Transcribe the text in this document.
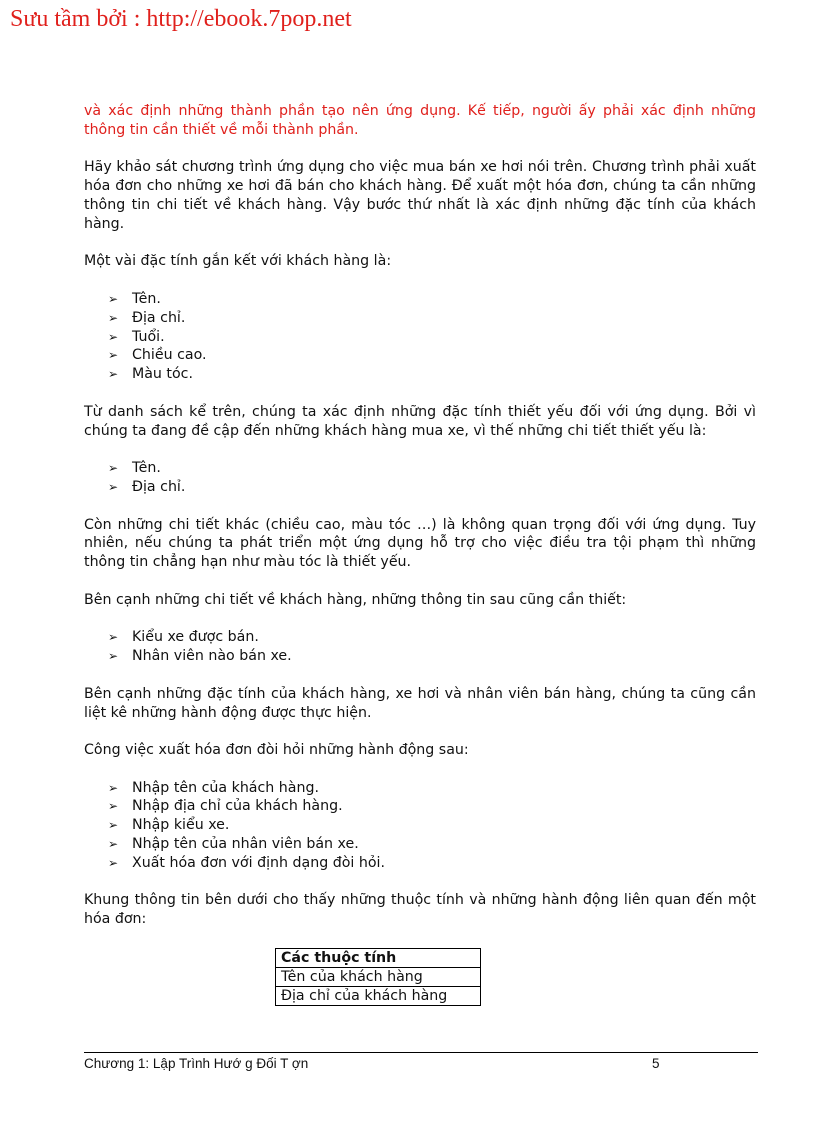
Sưu tầm bởi : http://ebook.7pop.net

và xác định những thành phần tạo nên ứng dụng. Kế tiếp, người ấy phải xác định những thông tin cần thiết về mỗi thành phần.

Hãy khảo sát chương trình ứng dụng cho việc mua bán xe hơi nói trên. Chương trình phải xuất hóa đơn cho những xe hơi đã bán cho khách hàng. Để xuất một hóa đơn, chúng ta cần những thông tin chi tiết về khách hàng. Vậy bước thứ nhất là xác định những đặc tính của khách hàng.

Một vài đặc tính gắn kết với khách hàng là:

➢ Tên.
➢ Địa chỉ.
➢ Tuổi.
➢ Chiều cao.
➢ Màu tóc.

Từ danh sách kể trên, chúng ta xác định những đặc tính thiết yếu đối với ứng dụng. Bởi vì chúng ta đang đề cập đến những khách hàng mua xe, vì thế những chi tiết thiết yếu là:

➢ Tên.
➢ Địa chỉ.

Còn những chi tiết khác (chiều cao, màu tóc …) là không quan trọng đối với ứng dụng. Tuy nhiên, nếu chúng ta phát triển một ứng dụng hỗ trợ cho việc điều tra tội phạm thì những thông tin chẳng hạn như màu tóc là thiết yếu.

Bên cạnh những chi tiết về khách hàng, những thông tin sau cũng cần thiết:

➢ Kiểu xe được bán.
➢ Nhân viên nào bán xe.

Bên cạnh những đặc tính của khách hàng, xe hơi và nhân viên bán hàng, chúng ta cũng cần liệt kê những hành động được thực hiện.

Công việc xuất hóa đơn đòi hỏi những hành động sau:

➢ Nhập tên của khách hàng.
➢ Nhập địa chỉ của khách hàng.
➢ Nhập kiểu xe.
➢ Nhập tên của nhân viên bán xe.
➢ Xuất hóa đơn với định dạng đòi hỏi.

Khung thông tin bên dưới cho thấy những thuộc tính và những hành động liên quan đến một hóa đơn:

Các thuộc tính
Tên của khách hàng
Địa chỉ của khách hàng
Chương 1: Lập Trình Hướ g Đối T ợn	5
